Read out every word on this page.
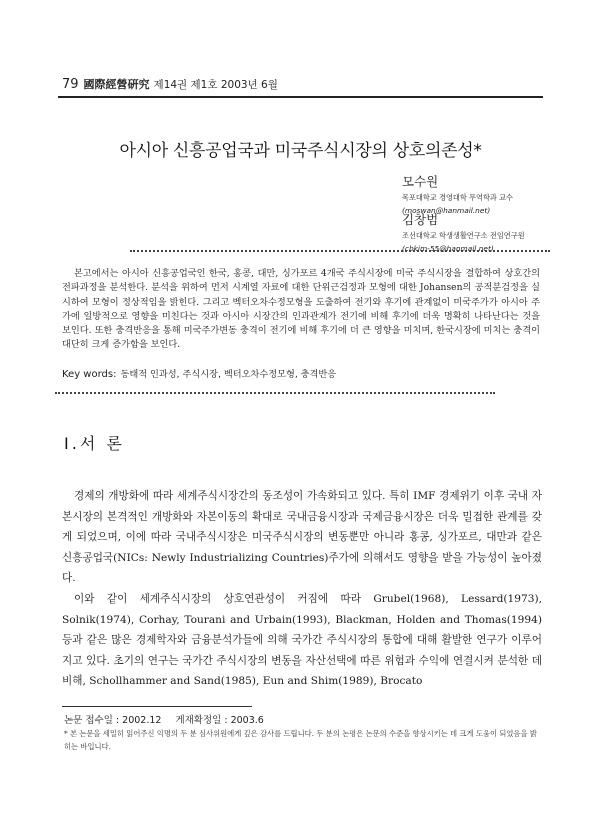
79 國際經營硏究 제14권 제1호 2003년 6월
아시아 신흥공업국과 미국주식시장의 상호의존성*
모수원
목포대학교 경영대학 무역학과 교수
(moswan@hanmail.net)
김창범
조선대학교 학생생활연구소 전임연구원
(cbkim-55@hanmail.net)

본고에서는 아시아 신흥공업국인 한국, 홍콩, 대만, 싱가포르 4개국 주식시장에 미국 주식시장을 결합하여 상호간의 전파과정을 분석한다. 분석을 위하여 먼저 시계열 자료에 대한 단위근검정과 모형에 대한 Johansen의 공적분검정을 실시하여 모형이 정상적임을 밝힌다. 그리고 벡터오차수정모형을 도출하여 전기와 후기에 관계없이 미국주가가 아시아 주가에 일방적으로 영향을 미친다는 것과 아시아 시장간의 인과관계가 전기에 비해 후기에 더욱 명확히 나타난다는 것을 보인다. 또한 충격반응을 통해 미국주가변동 충격이 전기에 비해 후기에 더 큰 영향을 미치며, 한국시장에 미치는 충격이 대단히 크게 증가함을 보인다.

Key words: 동태적 인과성, 주식시장, 벡터오차수정모형, 충격반응
Ⅰ.서 론

경제의 개방화에 따라 세계주식시장간의 동조성이 가속화되고 있다. 특히 IMF 경제위기 이후 국내 자본시장의 본격적인 개방화와 자본이동의 확대로 국내금융시장과 국제금융시장은 더욱 밀접한 관계를 갖게 되었으며, 이에 따라 국내주식시장은 미국주식시장의 변동뿐만 아니라 홍콩, 싱가포르, 대만과 같은 신흥공업국(NICs: Newly Industrializing Countries)주가에 의해서도 영향을 받을 가능성이 높아졌다.

이와 같이 세계주식시장의 상호연관성이 커짐에 따라 Grubel(1968), Lessard(1973), Solnik(1974), Corhay, Tourani and Urbain(1993), Blackman, Holden and Thomas(1994) 등과 같은 많은 경제학자와 금융분석가들에 의해 국가간 주식시장의 통합에 대해 활발한 연구가 이루어지고 있다. 초기의 연구는 국가간 주식시장의 변동을 자산선택에 따른 위험과 수익에 연결시켜 분석한 데 비해, Schollhammer and Sand(1985), Eun and Shim(1989), Brocato

논문 접수일 : 2002.12 게재확정일 : 2003.6
* 본 논문을 세밀히 읽어주신 익명의 두 분 심사위원에게 깊은 감사를 드립니다. 두 분의 논평은 논문의 수준을 향상시키는 데 크게 도움이 되었음을 밝히는 바입니다.
